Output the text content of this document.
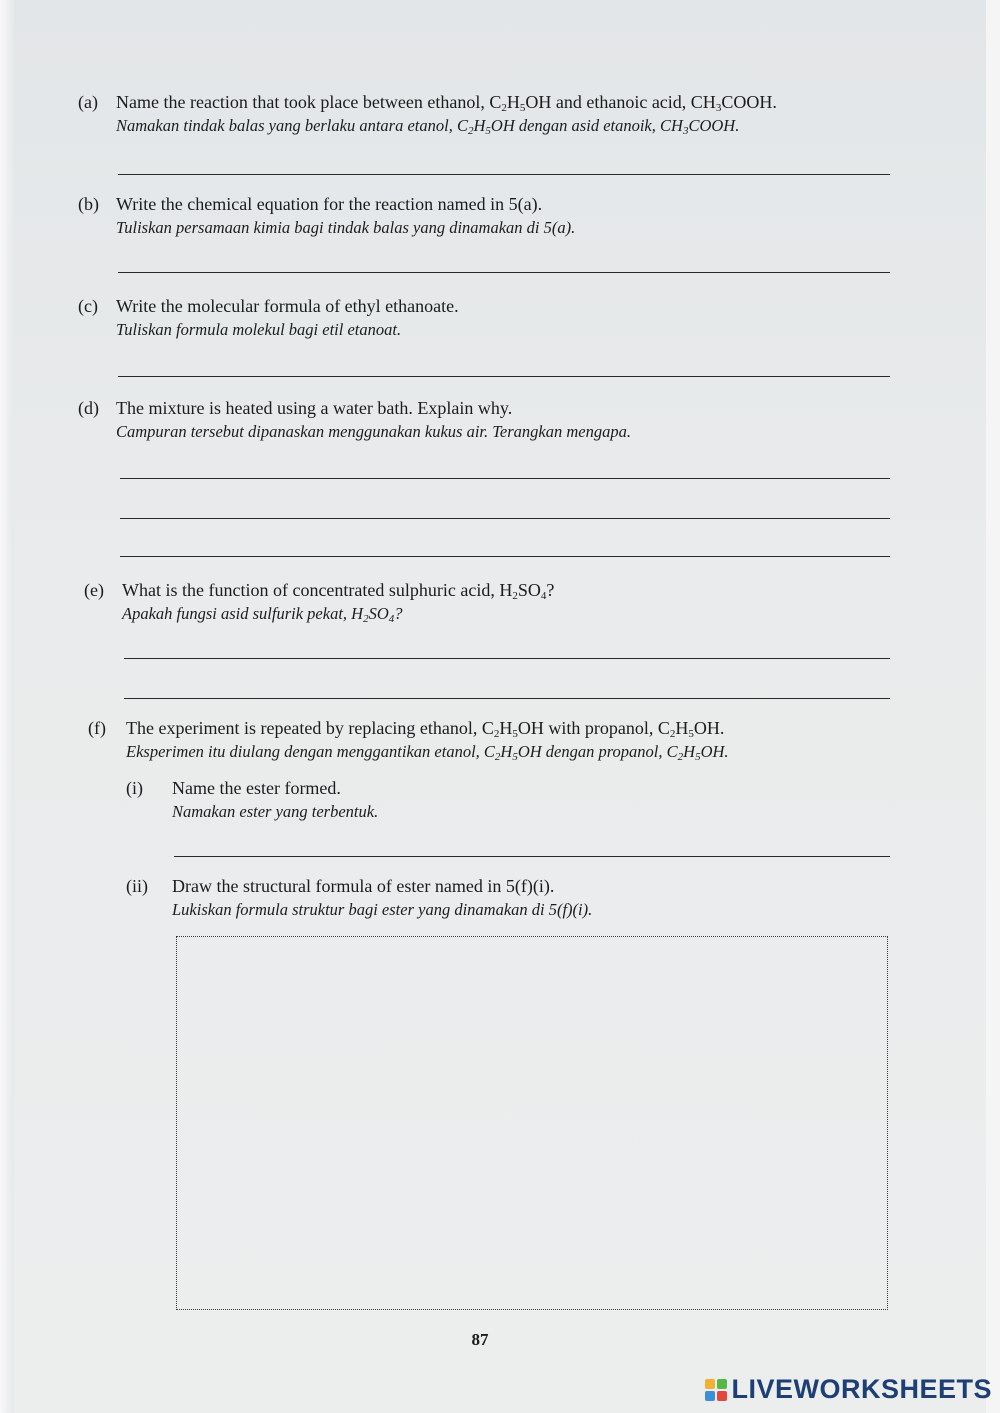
(a) Name the reaction that took place between ethanol, $C_2H_5OH$ and ethanoic acid, $CH_3COOH$.
Namakan tindak balas yang berlaku antara etanol, $C_2H_5OH$ dengan asid etanoik, $CH_3COOH$.
(b) Write the chemical equation for the reaction named in 5(a).
Tuliskan persamaan kimia bagi tindak balas yang dinamakan di 5(a).
(c) Write the molecular formula of ethyl ethanoate.
Tuliskan formula molekul bagi etil etanoat.
(d) The mixture is heated using a water bath. Explain why.
Campuran tersebut dipanaskan menggunakan kukus air. Terangkan mengapa.
(e) What is the function of concentrated sulphuric acid, $H_2SO_4$?
Apakah fungsi asid sulfurik pekat, $H_2SO_4$?
(f) The experiment is repeated by replacing ethanol, $C_2H_5OH$ with propanol, $C_2H_5OH$.
Eksperimen itu diulang dengan menggantikan etanol, $C_2H_5OH$ dengan propanol, $C_2H_5OH$.
(i) Name the ester formed.
Namakan ester yang terbentuk.
(ii) Draw the structural formula of ester named in 5(f)(i).
Lukiskan formula struktur bagi ester yang dinamakan di 5(f)(i).
87
LIVEWORKSHEETS
